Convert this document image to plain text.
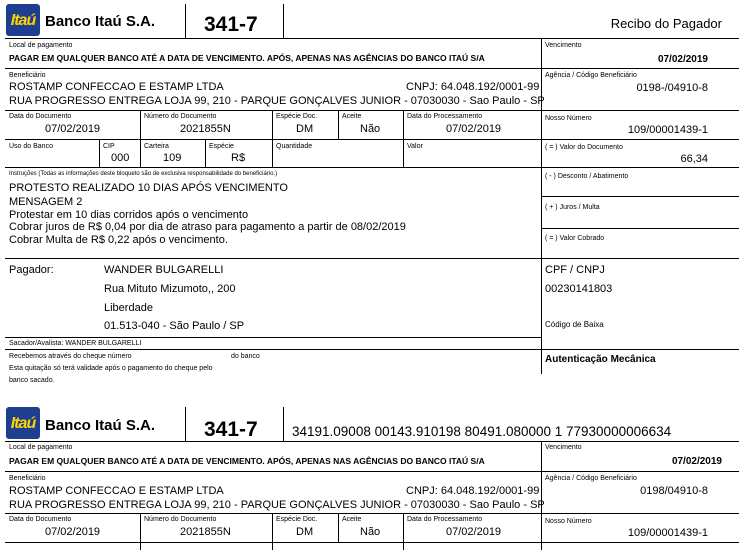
Itaú Banco Itaú S.A. 341-7	Recibo do Pagador
Local de pagamento
PAGAR EM QUALQUER BANCO ATÉ A DATA DE VENCIMENTO. APÓS, APENAS NAS AGÊNCIAS DO BANCO ITAÚ S/A
Vencimento
07/02/2019
Beneficiário
ROSTAMP CONFECCAO E ESTAMP LTDA	CNPJ: 64.048.192/0001-99
RUA PROGRESSO ENTREGA LOJA 99, 210 - PARQUE GONÇALVES JUNIOR - 07030030 - Sao Paulo - SP
Agência / Código Beneficiário
0198-/04910-8
Data do Documento
07/02/2019
Número do Documento
2021855N
Espécie Doc.
DM
Aceite
Não
Data do Processamento
07/02/2019
Nosso Número
109/00001439-1
Uso do Banco	CIP
000
Carteira
109
Espécie
R$
Quantidade	Valor	( = ) Valor do Documento
66,34
Instruções (Todas as informações deste bloqueto são de exclusiva responsabilidade do beneficiário.)
PROTESTO REALIZADO 10 DIAS APÓS VENCIMENTO
MENSAGEM 2
Protestar em 10 dias corridos após o vencimento
Cobrar juros de R$ 0,04 por dia de atraso para pagamento a partir de 08/02/2019
Cobrar Multa de R$ 0,22 após o vencimento.
( - ) Desconto / Abatimento
( + ) Juros / Multa
( = ) Valor Cobrado
Pagador:	WANDER BULGARELLI
Rua Mituto Mizumoto,, 200
Liberdade
01.513-040 - São Paulo / SP
CPF / CNPJ
00230141803
Código de Baixa
Sacador/Avalista: WANDER BULGARELLI
Recebemos através do cheque número	do banco
Esta quitação só terá validade após o pagamento do cheque pelo
banco sacado.
Autenticação Mecânica
Itaú Banco Itaú S.A. 341-7	34191.09008 00143.910198 80491.080000 1 77930000006634
Local de pagamento
PAGAR EM QUALQUER BANCO ATÉ A DATA DE VENCIMENTO. APÓS, APENAS NAS AGÊNCIAS DO BANCO ITAÚ S/A
Vencimento
07/02/2019
Beneficiário
ROSTAMP CONFECCAO E ESTAMP LTDA	CNPJ: 64.048.192/0001-99
RUA PROGRESSO ENTREGA LOJA 99, 210 - PARQUE GONÇALVES JUNIOR - 07030030 - Sao Paulo - SP
Agência / Código Beneficiário
0198/04910-8
Data do Documento
07/02/2019
Número do Documento
2021855N
Espécie Doc.
DM
Aceite
Não
Data do Processamento
07/02/2019
Nosso Número
109/00001439-1
